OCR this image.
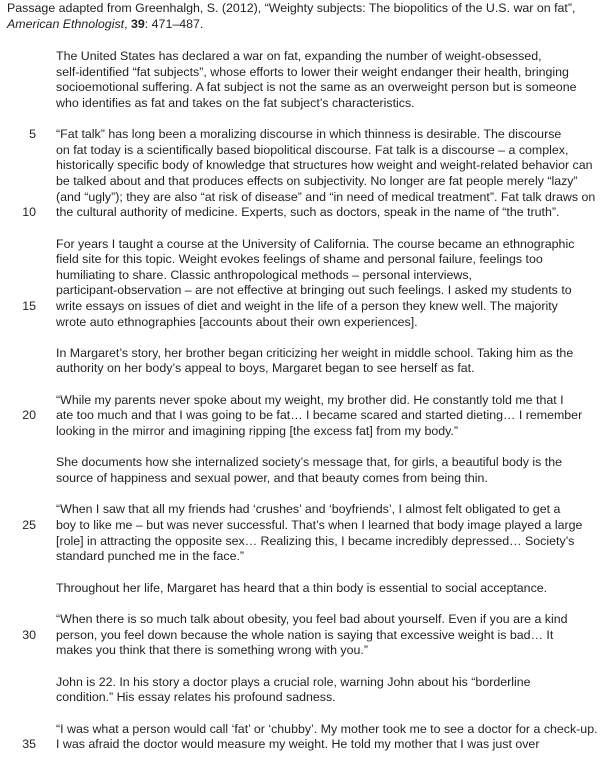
Passage adapted from Greenhalgh, S. (2012), “Weighty subjects: The biopolitics of the U.S. war on fat”,
American Ethnologist, 39: 471–487.
The United States has declared a war on fat, expanding the number of weight-obsessed,
self-identified “fat subjects”, whose efforts to lower their weight endanger their health, bringing
socioemotional suffering. A fat subject is not the same as an overweight person but is someone
who identifies as fat and takes on the fat subject’s characteristics.
5 “Fat talk” has long been a moralizing discourse in which thinness is desirable. The discourse
on fat today is a scientifically based biopolitical discourse. Fat talk is a discourse – a complex,
historically specific body of knowledge that structures how weight and weight-related behavior can
be talked about and that produces effects on subjectivity. No longer are fat people merely “lazy”
(and “ugly”); they are also “at risk of disease” and “in need of medical treatment”. Fat talk draws on
10 the cultural authority of medicine. Experts, such as doctors, speak in the name of “the truth”.
For years I taught a course at the University of California. The course became an ethnographic
field site for this topic. Weight evokes feelings of shame and personal failure, feelings too
humiliating to share. Classic anthropological methods – personal interviews,
participant-observation – are not effective at bringing out such feelings. I asked my students to
15 write essays on issues of diet and weight in the life of a person they knew well. The majority
wrote auto ethnographies [accounts about their own experiences].
In Margaret’s story, her brother began criticizing her weight in middle school. Taking him as the
authority on her body’s appeal to boys, Margaret began to see herself as fat.
“While my parents never spoke about my weight, my brother did. He constantly told me that I
20 ate too much and that I was going to be fat… I became scared and started dieting… I remember
looking in the mirror and imagining ripping [the excess fat] from my body.”
She documents how she internalized society’s message that, for girls, a beautiful body is the
source of happiness and sexual power, and that beauty comes from being thin.
“When I saw that all my friends had ‘crushes’ and ‘boyfriends’, I almost felt obligated to get a
25 boy to like me – but was never successful. That’s when I learned that body image played a large
[role] in attracting the opposite sex… Realizing this, I became incredibly depressed… Society’s
standard punched me in the face.”
Throughout her life, Margaret has heard that a thin body is essential to social acceptance.
“When there is so much talk about obesity, you feel bad about yourself. Even if you are a kind
30 person, you feel down because the whole nation is saying that excessive weight is bad… It
makes you think that there is something wrong with you.”
John is 22. In his story a doctor plays a crucial role, warning John about his “borderline
condition.” His essay relates his profound sadness.
“I was what a person would call ‘fat’ or ‘chubby’. My mother took me to see a doctor for a check-up.
35 I was afraid the doctor would measure my weight. He told my mother that I was just over
